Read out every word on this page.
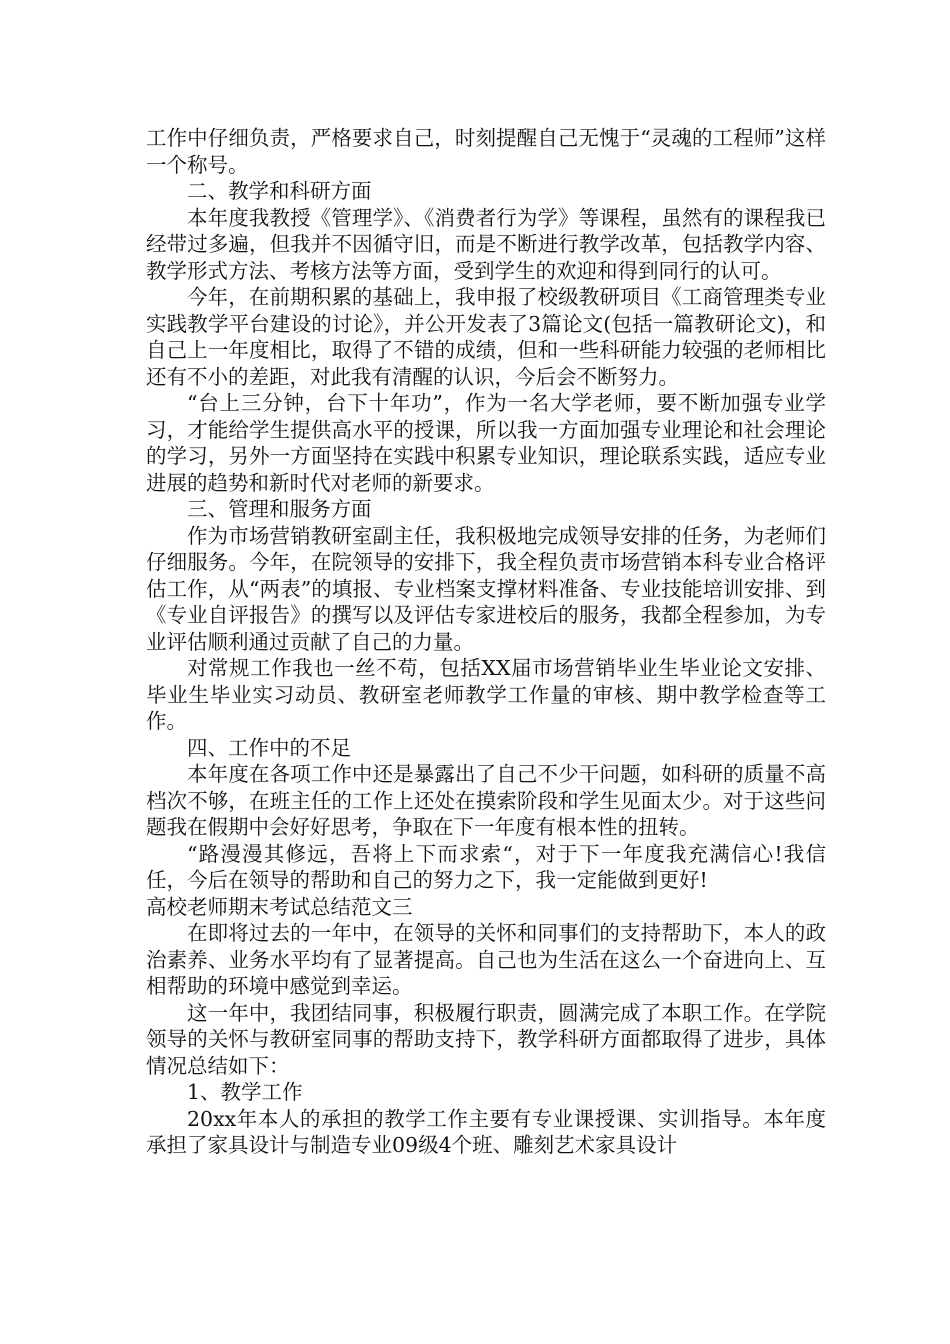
工作中仔细负责，严格要求自己，时刻提醒自己无愧于“灵魂的工程师”这样一个称号。

二、教学和科研方面

本年度我教授《管理学》、《消费者行为学》等课程，虽然有的课程我已经带过多遍，但我并不因循守旧，而是不断进行教学改革，包括教学内容、教学形式方法、考核方法等方面，受到学生的欢迎和得到同行的认可。

今年，在前期积累的基础上，我申报了校级教研项目《工商管理类专业实践教学平台建设的讨论》，并公开发表了3篇论文(包括一篇教研论文)，和自己上一年度相比，取得了不错的成绩，但和一些科研能力较强的老师相比还有不小的差距，对此我有清醒的认识，今后会不断努力。

“台上三分钟，台下十年功”，作为一名大学老师，要不断加强专业学习，才能给学生提供高水平的授课，所以我一方面加强专业理论和社会理论的学习，另外一方面坚持在实践中积累专业知识，理论联系实践，适应专业进展的趋势和新时代对老师的新要求。

三、管理和服务方面

作为市场营销教研室副主任，我积极地完成领导安排的任务，为老师们仔细服务。今年，在院领导的安排下，我全程负责市场营销本科专业合格评估工作，从“两表”的填报、专业档案支撑材料准备、专业技能培训安排、到《专业自评报告》的撰写以及评估专家进校后的服务，我都全程参加，为专业评估顺利通过贡献了自己的力量。

对常规工作我也一丝不苟，包括XX届市场营销毕业生毕业论文安排、毕业生毕业实习动员、教研室老师教学工作量的审核、期中教学检查等工作。

四、工作中的不足

本年度在各项工作中还是暴露出了自己不少干问题，如科研的质量不高档次不够，在班主任的工作上还处在摸索阶段和学生见面太少。对于这些问题我在假期中会好好思考，争取在下一年度有根本性的扭转。

“路漫漫其修远，吾将上下而求索“，对于下一年度我充满信心!我信任，今后在领导的帮助和自己的努力之下，我一定能做到更好!

高校老师期末考试总结范文三

在即将过去的一年中，在领导的关怀和同事们的支持帮助下，本人的政治素养、业务水平均有了显著提高。自己也为生活在这么一个奋进向上、互相帮助的环境中感觉到幸运。

这一年中，我团结同事，积极履行职责，圆满完成了本职工作。在学院领导的关怀与教研室同事的帮助支持下，教学科研方面都取得了进步，具体情况总结如下：

1、教学工作

20xx年本人的承担的教学工作主要有专业课授课、实训指导。本年度承担了家具设计与制造专业09级4个班、雕刻艺术家具设计
